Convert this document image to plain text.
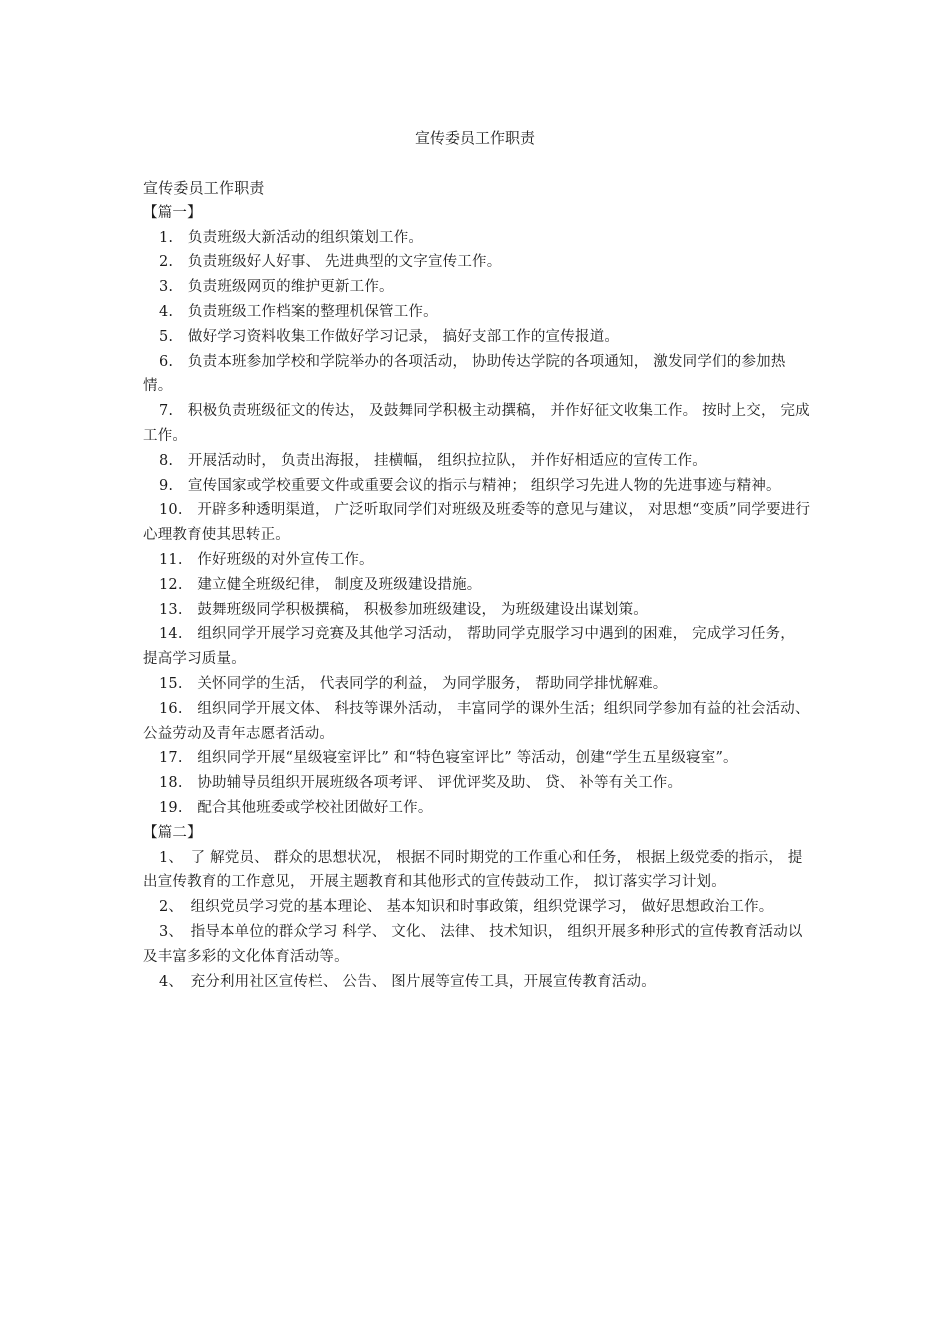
宣传委员工作职责

宣传委员工作职责

【篇一】

1.　负责班级大新活动的组织策划工作。

2.　负责班级好人好事、 先进典型的文字宣传工作。

3.　负责班级网页的维护更新工作。

4.　负责班级工作档案的整理机保管工作。

5.　做好学习资料收集工作做好学习记录， 搞好支部工作的宣传报道。

6.　负责本班参加学校和学院举办的各项活动， 协助传达学院的各项通知， 激发同学们的参加热情。

7.　积极负责班级征文的传达， 及鼓舞同学积极主动撰稿， 并作好征文收集工作。 按时上交， 完成工作。

8.　开展活动时， 负责出海报， 挂横幅， 组织拉拉队， 并作好相适应的宣传工作。

9.　宣传国家或学校重要文件或重要会议的指示与精神； 组织学习先进人物的先进事迹与精神。

10.　开辟多种透明渠道， 广泛听取同学们对班级及班委等的意见与建议， 对思想“变质”同学要进行心理教育使其思转正。

11.　作好班级的对外宣传工作。

12.　建立健全班级纪律， 制度及班级建设措施。

13.　鼓舞班级同学积极撰稿， 积极参加班级建设， 为班级建设出谋划策。

14.　组织同学开展学习竞赛及其他学习活动， 帮助同学克服学习中遇到的困难， 完成学习任务， 提高学习质量。

15.　关怀同学的生活， 代表同学的利益， 为同学服务， 帮助同学排忧解难。

16.　组织同学开展文体、 科技等课外活动， 丰富同学的课外生活；组织同学参加有益的社会活动、 公益劳动及青年志愿者活动。

17.　组织同学开展“星级寝室评比” 和“特色寝室评比” 等活动，创建“学生五星级寝室”。

18.　协助辅导员组织开展班级各项考评、 评优评奖及助、 贷、 补等有关工作。

19.　配合其他班委或学校社团做好工作。

【篇二】

1、　了 解党员、 群众的思想状况， 根据不同时期党的工作重心和任务， 根据上级党委的指示， 提出宣传教育的工作意见， 开展主题教育和其他形式的宣传鼓动工作， 拟订落实学习计划。

2、　组织党员学习党的基本理论、 基本知识和时事政策，组织党课学习， 做好思想政治工作。

3、　指导本单位的群众学习 科学、 文化、 法律、 技术知识， 组织开展多种形式的宣传教育活动以及丰富多彩的文化体育活动等。

4、　充分利用社区宣传栏、 公告、 图片展等宣传工具，开展宣传教育活动。
